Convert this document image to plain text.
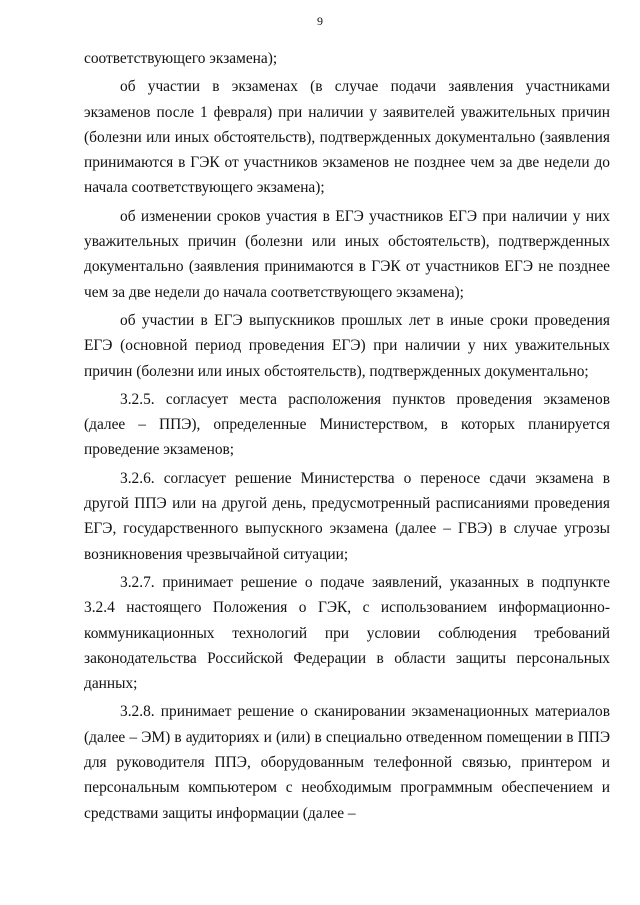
9

соответствующего экзамена);

об участии в экзаменах (в случае подачи заявления участниками экзаменов после 1 февраля) при наличии у заявителей уважительных причин (болезни или иных обстоятельств), подтвержденных документально (заявления принимаются в ГЭК от участников экзаменов не позднее чем за две недели до начала соответствующего экзамена);

об изменении сроков участия в ЕГЭ участников ЕГЭ при наличии у них уважительных причин (болезни или иных обстоятельств), подтвержденных документально (заявления принимаются в ГЭК от участников ЕГЭ не позднее чем за две недели до начала соответствующего экзамена);

об участии в ЕГЭ выпускников прошлых лет в иные сроки проведения ЕГЭ (основной период проведения ЕГЭ) при наличии у них уважительных причин (болезни или иных обстоятельств), подтвержденных документально;

3.2.5. согласует места расположения пунктов проведения экзаменов (далее – ППЭ), определенные Министерством, в которых планируется проведение экзаменов;

3.2.6. согласует решение Министерства о переносе сдачи экзамена в другой ППЭ или на другой день, предусмотренный расписаниями проведения ЕГЭ, государственного выпускного экзамена (далее – ГВЭ) в случае угрозы возникновения чрезвычайной ситуации;

3.2.7. принимает решение о подаче заявлений, указанных в подпункте 3.2.4 настоящего Положения о ГЭК, с использованием информационно-коммуникационных технологий при условии соблюдения требований законодательства Российской Федерации в области защиты персональных данных;

3.2.8. принимает решение о сканировании экзаменационных материалов (далее – ЭМ) в аудиториях и (или) в специально отведенном помещении в ППЭ для руководителя ППЭ, оборудованным телефонной связью, принтером и персональным компьютером с необходимым программным обеспечением и средствами защиты информации (далее –
